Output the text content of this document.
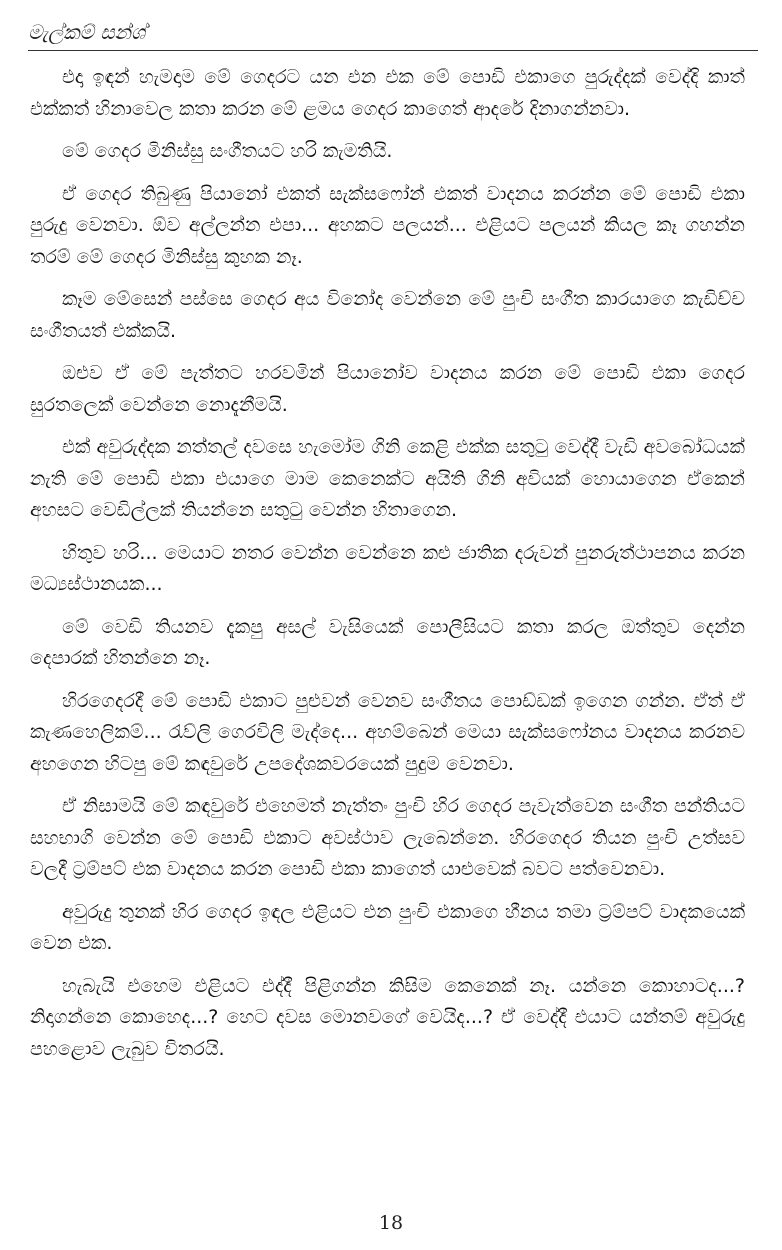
මැල්කම් සන්ශ්

එදා ඉඳන් හැමදාම මේ ගෙදරට යන එන එක මේ පොඩි එකාගෙ පුරුද්දක් වෙද්දි කාත් එක්කත් හිනාවෙල කතා කරන මේ ළමය ගෙදර කාගෙත් ආදරේ දිනාගන්නවා.

මේ ගෙදර මිනිස්සු සංගීතයට හරි කැමතියි.

ඒ ගෙදර තිබුණු පියානෝ එකත් සැක්සෆෝන් එකත් වාදනය කරන්න මේ පොඩි එකා පුරුදු වෙනවා. ඕව අල්ලන්න එපා... අහකට පලයන්... එළියට පලයන් කියල කෑ ගහන්න තරම් මේ ගෙදර මිනිස්සු කුහක නෑ.

කෑම මේසෙන් පස්සෙ ගෙදර අය විනෝද වෙන්නෙ මේ පුංචි සංගීත කාරයාගෙ කැඩිච්ච සංගීතයත් එක්කයි.

ඔළුව ඒ මේ පැත්තට හරවමින් පියානෝව වාදනය කරන මේ පොඩි එකා ගෙදර සුරතලෙක් වෙන්නෙ නොදැනීමයි.

එක් අවුරුද්දක නත්තල් දවසෙ හැමෝම ගිනි කෙළි එක්ක සතුටු වෙද්දී වැඩි අවබෝධයක් නැති මේ පොඩි එකා එයාගෙ මාම කෙනෙක්ට අයිති ගිනි අවියක් හොයාගෙන ඒකෙන් අහසට වෙඩිල්ලක් තියන්නෙ සතුටු වෙන්න හිතාගෙන.

හිතුව හරි... මෙයාට නතර වෙන්න වෙන්නෙ කළු ජාතික දරුවන් පුනරුත්ථාපනය කරන මධ්‍යස්ථානයක...

මේ වෙඩි තියනව දැකපු අසල් වැසියෙක් පොලීසියට කතා කරල ඔත්තුව දෙන්න දෙපාරක් හිතන්නෙ නෑ.

හිරගෙදරදී මේ පොඩි එකාට පුළුවන් වෙනව සංගීතය පොඩ්ඩක් ඉගෙන ගන්න. ඒත් ඒ කැණහෙලිකම්... රැව්ලි ගෙරවිලි මැද්දෙ... අහම්බෙන් මෙයා සැක්සෆෝනය වාදනය කරනව අහගෙන හිටපු මේ කඳවුරේ උපදේශකවරයෙක් පුදුම වෙනවා.

ඒ නිසාමයි මේ කඳවුරේ එහෙමත් නැත්තං පුංචි හිර ගෙදර පැවැත්වෙන සංගීත පන්තියට සහභාගි වෙන්න මේ පොඩි එකාට අවස්ථාව ලැබෙන්නෙ. හිරගෙදර තියන පුංචි උත්සව වලදී ට්‍රම්පට් එක වාදනය කරන පොඩි එකා කාගෙත් යාළුවෙක් බවට පත්වෙනවා.

අවුරුදු තුනක් හිර ගෙදර ඉඳල එළියට එන පුංචි එකාගෙ හීනය තමා ට්‍රම්පට් වාදකයෙක් වෙන එක.

හැබැයි එහෙම එළියට එද්දී පිළිගන්න කිසිම කෙනෙක් නෑ. යන්නෙ කොහාටද...? නිදාගන්නෙ කොහෙද...? හෙට දවස මොනවගේ වෙයිද...? ඒ වෙද්දී එයාට යන්තම් අවුරුදු පහළොව ලැබුව විතරයි.

18
